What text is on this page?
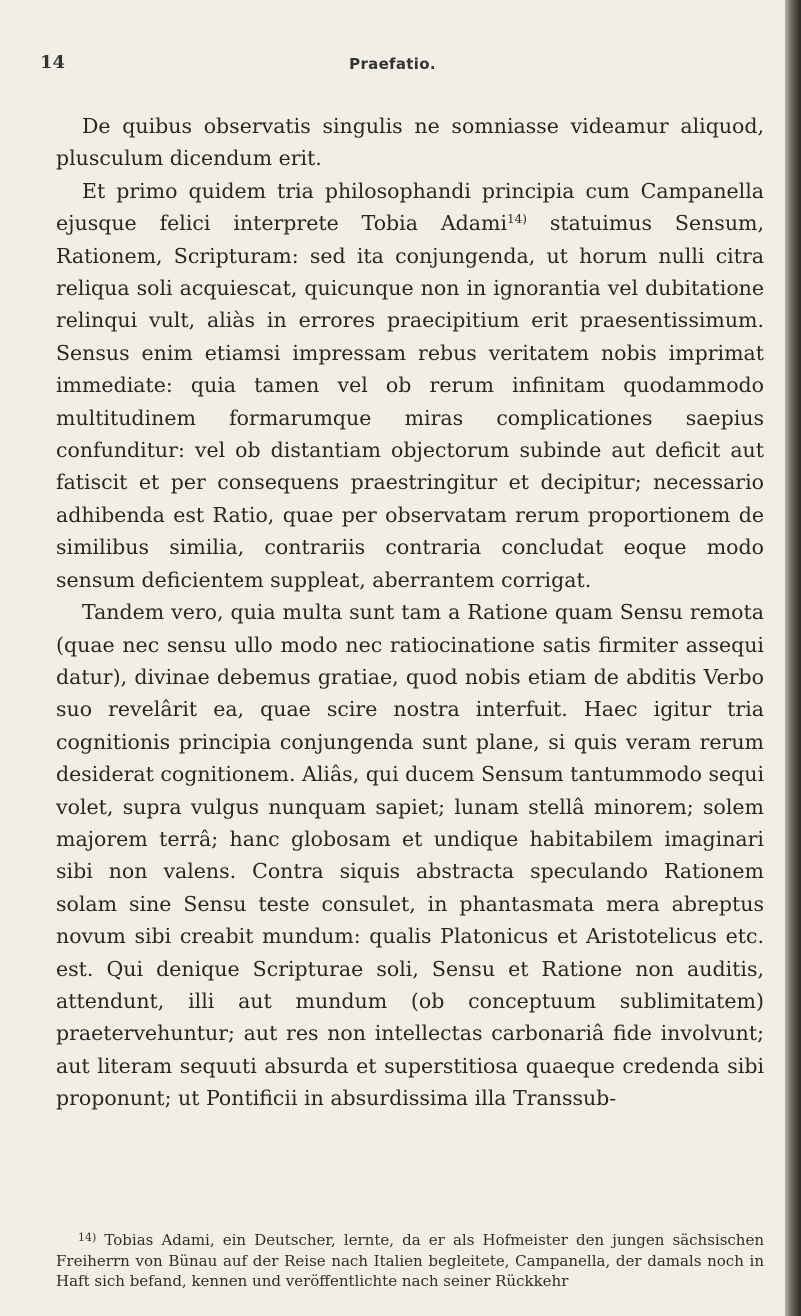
14	Praefatio.

De quibus observatis singulis ne somniasse videamur aliquod, plusculum dicendum erit.

Et primo quidem tria philosophandi principia cum Campanella ejusque felici interprete Tobia Adami$^{14)}$ statuimus Sensum, Rationem, Scripturam: sed ita conjungenda, ut horum nulli citra reliqua soli acquiescat, quicunque non in ignorantia vel dubitatione relinqui vult, aliàs in errores praecipitium erit praesentissimum. Sensus enim etiamsi impressam rebus veritatem nobis imprimat immediate: quia tamen vel ob rerum infinitam quodammodo multitudinem formarumque miras complicationes saepius confunditur: vel ob distantiam objectorum subinde aut deficit aut fatiscit et per consequens praestringitur et decipitur; necessario adhibenda est Ratio, quae per observatam rerum proportionem de similibus similia, contrariis contraria concludat eoque modo sensum deficientem suppleat, aberrantem corrigat.

Tandem vero, quia multa sunt tam a Ratione quam Sensu remota (quae nec sensu ullo modo nec ratiocinatione satis firmiter assequi datur), divinae debemus gratiae, quod nobis etiam de abditis Verbo suo revelârit ea, quae scire nostra interfuit. Haec igitur tria cognitionis principia conjungenda sunt plane, si quis veram rerum desiderat cognitionem. Aliâs, qui ducem Sensum tantummodo sequi volet, supra vulgus nunquam sapiet; lunam stellâ minorem; solem majorem terrâ; hanc globosam et undique habitabilem imaginari sibi non valens. Contra siquis abstracta speculando Rationem solam sine Sensu teste consulet, in phantasmata mera abreptus novum sibi creabit mundum: qualis Platonicus et Aristotelicus etc. est. Qui denique Scripturae soli, Sensu et Ratione non auditis, attendunt, illi aut mundum (ob conceptuum sublimitatem) praetervehuntur; aut res non intellectas carbonariâ fide involvunt; aut literam sequuti absurda et superstitiosa quaeque credenda sibi proponunt; ut Pontificii in absurdissima illa Transsub-

$^{14)}$ Tobias Adami, ein Deutscher, lernte, da er als Hofmeister den jungen sächsischen Freiherrn von Bünau auf der Reise nach Italien begleitete, Campanella, der damals noch in Haft sich befand, kennen und veröffentlichte nach seiner Rückkehr
